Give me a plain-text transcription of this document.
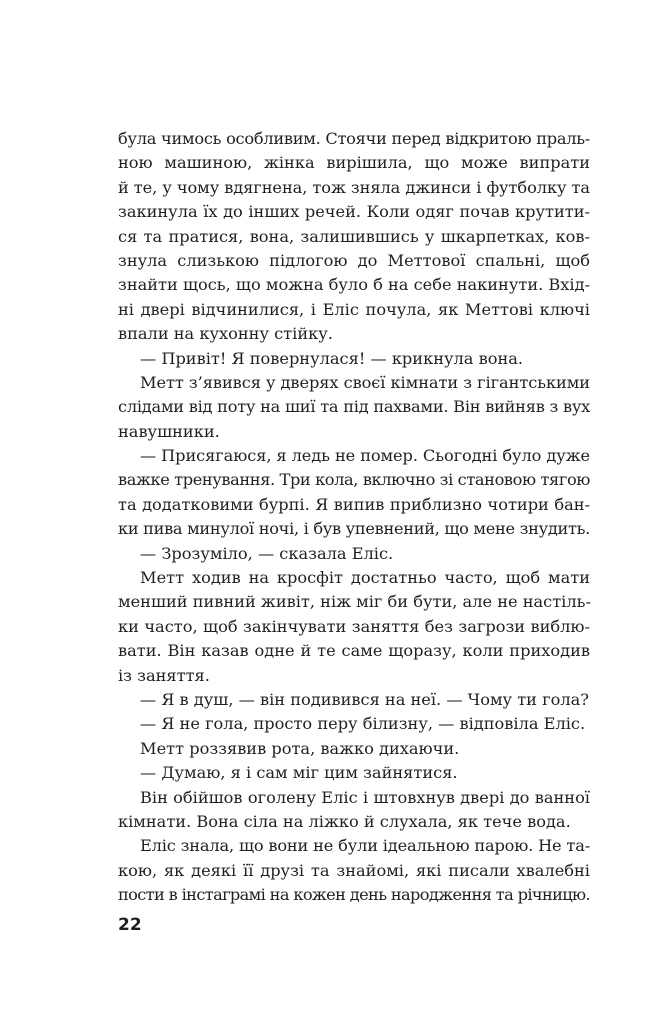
була чимось особливим. Стоячи перед відкритою праль-
ною машиною, жінка вирішила, що може випрати
й те, у чому вдягнена, тож зняла джинси і футболку та
закинула їх до інших речей. Коли одяг почав крутити-
ся та пратися, вона, залишившись у шкарпетках, ков-
знула слизькою підлогою до Меттової спальні, щоб
знайти щось, що можна було б на себе накинути. Вхід-
ні двері відчинилися, і Еліс почула, як Меттові ключі
впали на кухонну стійку.
— Привіт! Я повернулася! — крикнула вона.
Метт з’явився у дверях своєї кімнати з гігантськими
слідами від поту на шиї та під пахвами. Він вийняв з вух
навушники.
— Присягаюся, я ледь не помер. Сьогодні було дуже
важке тренування. Три кола, включно зі становою тягою
та додатковими бурпі. Я випив приблизно чотири бан-
ки пива минулої ночі, і був упевнений, що мене знудить.
— Зрозуміло, — сказала Еліс.
Метт ходив на кросфіт достатньо часто, щоб мати
менший пивний живіт, ніж міг би бути, але не настіль-
ки часто, щоб закінчувати заняття без загрози виблю-
вати. Він казав одне й те саме щоразу, коли приходив
із заняття.
— Я в душ, — він подивився на неї. — Чому ти гола?
— Я не гола, просто перу білизну, — відповіла Еліс.
Метт роззявив рота, важко дихаючи.
— Думаю, я і сам міг цим зайнятися.
Він обійшов оголену Еліс і штовхнув двері до ванної
кімнати. Вона сіла на ліжко й слухала, як тече вода.
Еліс знала, що вони не були ідеальною парою. Не та-
кою, як деякі її друзі та знайомі, які писали хвалебні
пости в інстаграмі на кожен день народження та річницю.
22
